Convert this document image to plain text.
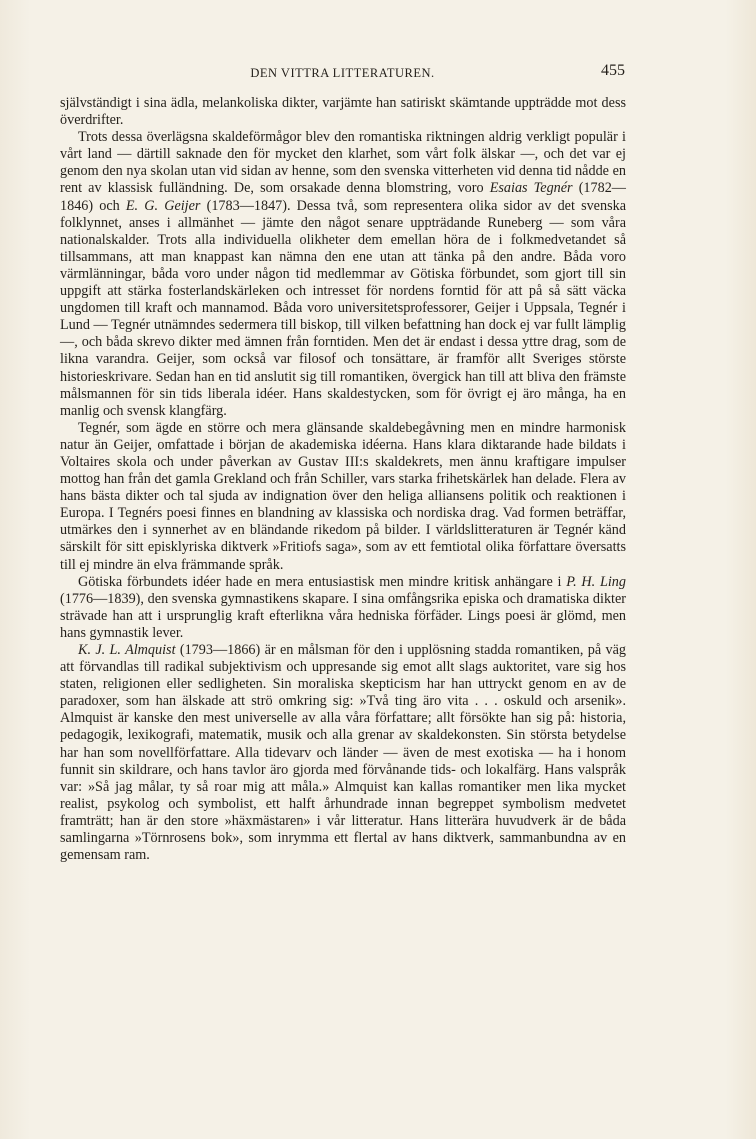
DEN VITTRA LITTERATUREN.	455

självständigt i sina ädla, melankoliska dikter, varjämte han satiriskt skämtande uppträdde mot dess överdrifter.

Trots dessa överlägsna skaldeförmågor blev den romantiska riktningen aldrig verkligt populär i vårt land — därtill saknade den för mycket den klarhet, som vårt folk älskar —, och det var ej genom den nya skolan utan vid sidan av henne, som den svenska vitterheten vid denna tid nådde en rent av klassisk fulländning. De, som orsakade denna blomstring, voro Esaias Tegnér (1782—1846) och E. G. Geijer (1783—1847). Dessa två, som representera olika sidor av det svenska folklynnet, anses i allmänhet — jämte den något senare uppträdande Runeberg — som våra nationalskalder. Trots alla individuella olikheter dem emellan höra de i folkmedvetandet så tillsammans, att man knappast kan nämna den ene utan att tänka på den andre. Båda voro värmlänningar, båda voro under någon tid medlemmar av Götiska förbundet, som gjort till sin uppgift att stärka fosterlandskärleken och intresset för nordens forntid för att på så sätt väcka ungdomen till kraft och mannamod. Båda voro universitetsprofessorer, Geijer i Uppsala, Tegnér i Lund — Tegnér utnämndes sedermera till biskop, till vilken befattning han dock ej var fullt lämplig —, och båda skrevo dikter med ämnen från forntiden. Men det är endast i dessa yttre drag, som de likna varandra. Geijer, som också var filosof och tonsättare, är framför allt Sveriges störste historieskrivare. Sedan han en tid anslutit sig till romantiken, övergick han till att bliva den främste målsmannen för sin tids liberala idéer. Hans skaldestycken, som för övrigt ej äro många, ha en manlig och svensk klangfärg.

Tegnér, som ägde en större och mera glänsande skaldebegåvning men en mindre harmonisk natur än Geijer, omfattade i början de akademiska idéerna. Hans klara diktarande hade bildats i Voltaires skola och under påverkan av Gustav III:s skaldekrets, men ännu kraftigare impulser mottog han från det gamla Grekland och från Schiller, vars starka frihetskärlek han delade. Flera av hans bästa dikter och tal sjuda av indignation över den heliga alliansens politik och reaktionen i Europa. I Tegnérs poesi finnes en blandning av klassiska och nordiska drag. Vad formen beträffar, utmärkes den i synnerhet av en bländande rikedom på bilder. I världslitteraturen är Tegnér känd särskilt för sitt episklyriska diktverk »Fritiofs saga», som av ett femtiotal olika författare översatts till ej mindre än elva främmande språk.

Götiska förbundets idéer hade en mera entusiastisk men mindre kritisk anhängare i P. H. Ling (1776—1839), den svenska gymnastikens skapare. I sina omfångsrika episka och dramatiska dikter strävade han att i ursprunglig kraft efterlikna våra hedniska förfäder. Lings poesi är glömd, men hans gymnastik lever.

K. J. L. Almquist (1793—1866) är en målsman för den i upplösning stadda romantiken, på väg att förvandlas till radikal subjektivism och uppresande sig emot allt slags auktoritet, vare sig hos staten, religionen eller sedligheten. Sin moraliska skepticism har han uttryckt genom en av de paradoxer, som han älskade att strö omkring sig: »Två ting äro vita . . . oskuld och arsenik». Almquist är kanske den mest universelle av alla våra författare; allt försökte han sig på: historia, pedagogik, lexikografi, matematik, musik och alla grenar av skaldekonsten. Sin största betydelse har han som novellförfattare. Alla tidevarv och länder — även de mest exotiska — ha i honom funnit sin skildrare, och hans tavlor äro gjorda med förvånande tids- och lokalfärg. Hans valspråk var: »Så jag målar, ty så roar mig att måla.» Almquist kan kallas romantiker men lika mycket realist, psykolog och symbolist, ett halft århundrade innan begreppet symbolism medvetet framträtt; han är den store »häxmästaren» i vår litteratur. Hans litterära huvudverk är de båda samlingarna »Törnrosens bok», som inrymma ett flertal av hans diktverk, sammanbundna av en gemensam ram.
